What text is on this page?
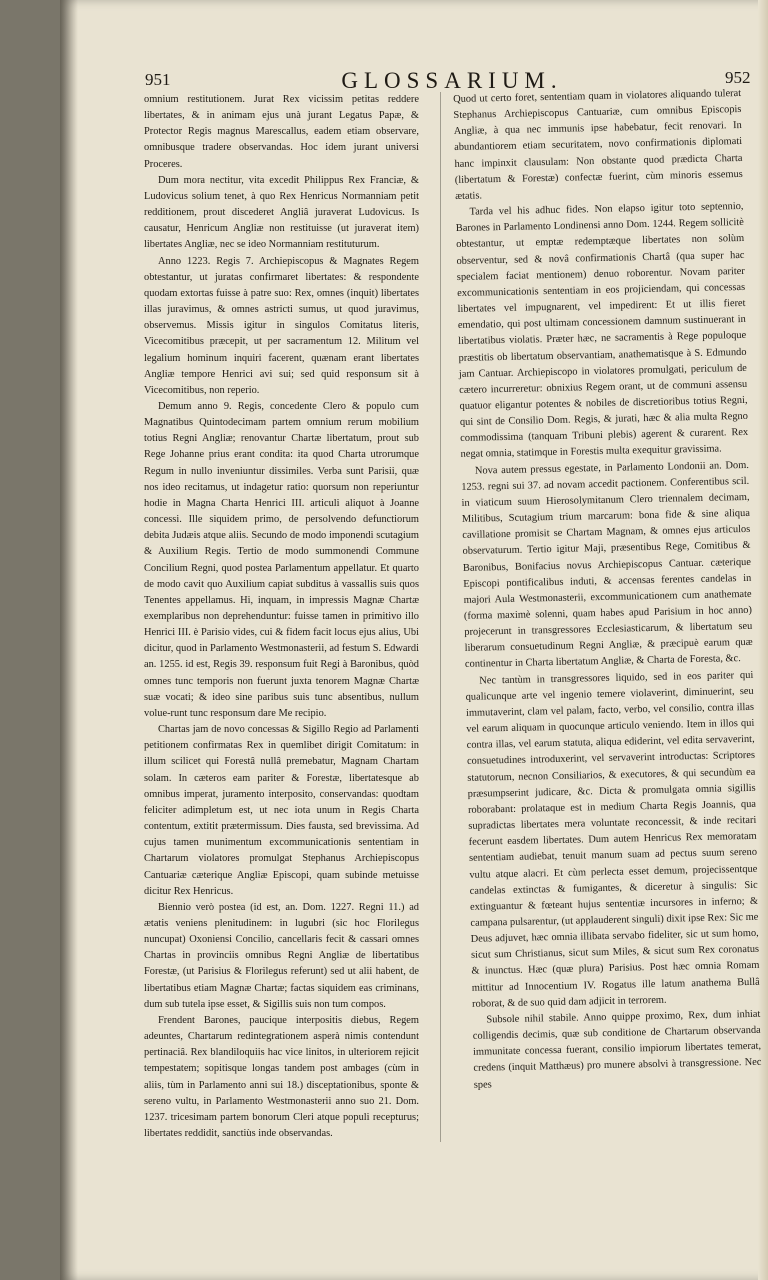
951	GLOSSARIUM.	952

omnium restitutionem. Jurat Rex vicissim petitas reddere libertates, & in animam ejus unà jurant Legatus Papæ, & Protector Regis magnus Marescallus, eadem etiam observare, omnibusque tradere observandas. Hoc idem jurant universi Proceres.

Dum mora nectitur, vita excedit Philippus Rex Franciæ, & Ludovicus solium tenet, à quo Rex Henricus Normanniam petit redditionem, prout discederet Angliâ juraverat Ludovicus. Is causatur, Henricum Angliæ non restituisse (ut juraverat item) libertates Angliæ, nec se ideo Normanniam restituturum.

Anno 1223. Regis 7. Archiepiscopus & Magnates Regem obtestantur, ut juratas confirmaret libertates: & respondente quodam extortas fuisse à patre suo: Rex, omnes (inquit) libertates illas juravimus, & omnes astricti sumus, ut quod juravimus, observemus. Missis igitur in singulos Comitatus literis, Vicecomitibus præcepit, ut per sacramentum 12. Militum vel legalium hominum inquiri facerent, quænam erant libertates Angliæ tempore Henrici avi sui; sed quid responsum sit à Vicecomitibus, non reperio.

Demum anno 9. Regis, concedente Clero & populo cum Magnatibus Quintodecimam partem omnium rerum mobilium totius Regni Angliæ; renovantur Chartæ libertatum, prout sub Rege Johanne prius erant condita: ita quod Charta utrorumque Regum in nullo inveniuntur dissimiles. Verba sunt Parisii, quæ nos ideo recitamus, ut indagetur ratio: quorsum non reperiuntur hodie in Magna Charta Henrici III. articuli aliquot à Joanne concessi. Ille siquidem primo, de persolvendo defunctiorum debita Judæis atque aliis. Secundo de modo imponendi scutagium & Auxilium Regis. Tertio de modo summonendi Commune Concilium Regni, quod postea Parlamentum appellatur. Et quarto de modo cavit quo Auxilium capiat subditus à vassallis suis quos Tenentes appellamus. Hi, inquam, in impressis Magnæ Chartæ exemplaribus non deprehenduntur: fuisse tamen in primitivo illo Henrici III. è Parisio vides, cui & fidem facit locus ejus alius, Ubi dicitur, quod in Parlamento Westmonasterii, ad festum S. Edwardi an. 1255. id est, Regis 39. responsum fuit Regi à Baronibus, quòd omnes tunc temporis non fuerunt juxta tenorem Magnæ Chartæ suæ vocati; & ideo sine paribus suis tunc absentibus, nullum volue-runt tunc responsum dare Me recipio.

Chartas jam de novo concessas & Sigillo Regio ad Parlamenti petitionem confirmatas Rex in quemlibet dirigit Comitatum: in illum scilicet qui Forestâ nullâ premebatur, Magnam Chartam solam. In cæteros eam pariter & Forestæ, libertatesque ab omnibus imperat, juramento interposito, conservandas: quodtam feliciter adimpletum est, ut nec iota unum in Regis Charta contentum, extitit prætermissum. Dies fausta, sed brevissima. Ad cujus tamen munimentum excommunicationis sententiam in Chartarum violatores promulgat Stephanus Archiepiscopus Cantuariæ cæterique Angliæ Episcopi, quam subinde metuisse dicitur Rex Henricus.

Biennio verò postea (id est, an. Dom. 1227. Regni 11.) ad ætatis veniens plenitudinem: in lugubri (sic hoc Florilegus nuncupat) Oxoniensi Concilio, cancellaris fecit & cassari omnes Chartas in provinciis omnibus Regni Angliæ de libertatibus Forestæ, (ut Parisius & Florilegus referunt) sed ut alii habent, de libertatibus etiam Magnæ Chartæ; factas siquidem eas criminans, dum sub tutela ipse esset, & Sigillis suis non tum compos.

Frendent Barones, paucique interpositis diebus, Regem adeuntes, Chartarum redintegrationem asperà nimis contendunt pertinaciâ. Rex blandiloquiis hac vice linitos, in ulteriorem rejicit tempestatem; sopitisque longas tandem post ambages (cùm in aliis, tùm in Parlamento anni sui 18.) disceptationibus, sponte & sereno vultu, in Parlamento Westmonasterii anno suo 21. Dom. 1237. tricesimam partem bonorum Cleri atque populi recepturus; libertates reddidit, sanctiùs inde observandas.

Quod ut certo foret, sententiam quam in violatores aliquando tulerat Stephanus Archiepiscopus Cantuariæ, cum omnibus Episcopis Angliæ, à qua nec immunis ipse habebatur, fecit renovari. In abundantiorem etiam securitatem, novo confirmationis diplomati hanc impinxit clausulam: Non obstante quod prædicta Charta (libertatum & Forestæ) confectæ fuerint, cùm minoris essemus ætatis.

Tarda vel his adhuc fides. Non elapso igitur toto septennio, Barones in Parlamento Londinensi anno Dom. 1244. Regem sollicitè obtestantur, ut emptæ redemptæque libertates non solùm observentur, sed & novâ confirmationis Chartâ (qua super hac specialem faciat mentionem) denuo roborentur. Novam pariter excommunicationis sententiam in eos projiciendam, qui concessas libertates vel impugnarent, vel impedirent: Et ut illis fieret emendatio, qui post ultimam concessionem damnum sustinuerant in libertatibus violatis. Præter hæc, ne sacramentis à Rege populoque præstitis ob libertatum observantiam, anathematisque à S. Edmundo jam Cantuar. Archiepiscopo in violatores promulgati, periculum de cætero incurreretur: obnixius Regem orant, ut de communi assensu quatuor eligantur potentes & nobiles de discretioribus totius Regni, qui sint de Consilio Dom. Regis, & jurati, hæc & alia multa Regno commodissima (tanquam Tribuni plebis) agerent & curarent. Rex negat omnia, statimque in Forestis multa exequitur gravissima.

Nova autem pressus egestate, in Parlamento Londonii an. Dom. 1253. regni sui 37. ad novam accedit pactionem. Conferentibus scil. in viaticum suum Hierosolymitanum Clero triennalem decimam, Militibus, Scutagium trium marcarum: bona fide & sine aliqua cavillatione promisit se Chartam Magnam, & omnes ejus articulos observaturum. Tertio igitur Maji, præsentibus Rege, Comitibus & Baronibus, Bonifacius novus Archiepiscopus Cantuar. cæterique Episcopi pontificalibus induti, & accensas ferentes candelas in majori Aula Westmonasterii, excommunicationem cum anathemate (forma maximè solenni, quam habes apud Parisium in hoc anno) projecerunt in transgressores Ecclesiasticarum, & libertatum seu liberarum consuetudinum Regni Angliæ, & præcipuè earum quæ continentur in Charta libertatum Angliæ, & Charta de Foresta, &c.

Nec tantùm in transgressores liquido, sed in eos pariter qui qualicunque arte vel ingenio temere violaverint, diminuerint, seu immutaverint, clam vel palam, facto, verbo, vel consilio, contra illas vel earum aliquam in quocunque articulo veniendo. Item in illos qui contra illas, vel earum statuta, aliqua ediderint, vel edita servaverint, consuetudines introduxerint, vel servaverint introductas: Scriptores statutorum, necnon Consiliarios, & executores, & qui secundùm ea præsumpserint judicare, &c. Dicta & promulgata omnia sigillis roborabant: prolataque est in medium Charta Regis Joannis, qua supradictas libertates mera voluntate reconcessit, & inde recitari fecerunt easdem libertates. Dum autem Henricus Rex memoratam sententiam audiebat, tenuit manum suam ad pectus suum sereno vultu atque alacri. Et cùm perlecta esset demum, projecissentque candelas extinctas & fumigantes, & diceretur à singulis: Sic extinguantur & fœteant hujus sententiæ incursores in inferno; & campana pulsarentur, (ut applauderent singuli) dixit ipse Rex: Sic me Deus adjuvet, hæc omnia illibata servabo fideliter, sic ut sum homo, sicut sum Christianus, sicut sum Miles, & sicut sum Rex coronatus & inunctus. Hæc (quæ plura) Parisius. Post hæc omnia Romam mittitur ad Innocentium IV. Rogatus ille latum anathema Bullâ roborat, & de suo quid dam adjicit in terrorem.

Subsole nihil stabile. Anno quippe proximo, Rex, dum inhiat colligendis decimis, quæ sub conditione de Chartarum observanda immunitate concessa fuerant, consilio impiorum libertates temerat, credens (inquit Matthæus) pro munere absolvi à transgressione. Nec spes
